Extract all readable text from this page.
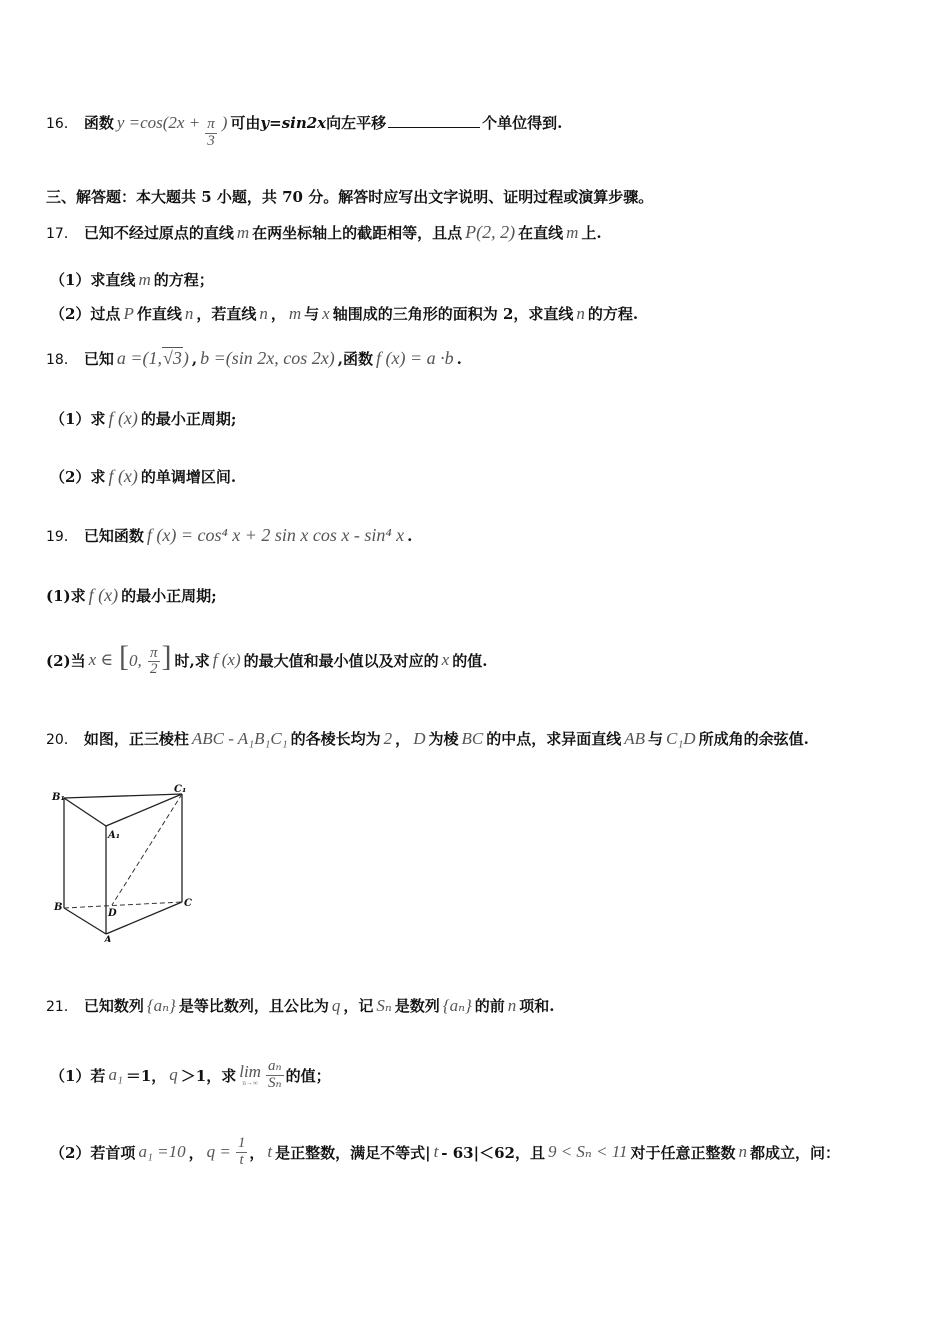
16． 函数 $y =\cos(2x + \frac{\pi}{3}$ ) 可由 y=sin2x 向左平移	个单位得到.
三、解答题：本大题共 5 小题，共 70 分。解答时应写出文字说明、证明过程或演算步骤。
17． 已知不经过原点的直线 m 在两坐标轴上的截距相等，且点 P(2, 2) 在直线 m 上.
（1）求直线 m 的方程；
（2）过点 P 作直线 n ，若直线 n ， m 与 x 轴围成的三角形的面积为 2，求直线 n 的方程.
18． 已知 a =(1,√3) , b =(sin 2x, cos 2x) ,函数 f (x) = a ·b .
（1）求 f (x) 的最小正周期;
（2）求 f (x) 的单调增区间.
19． 已知函数 f (x) = cos⁴ x + 2 sin x cos x - sin⁴ x .
(1)求 f (x) 的最小正周期;
(2)当 x ∈ [0, $\frac{\pi}{2}$ ] 时,求 f (x) 的最大值和最小值以及对应的 x 的值.
20． 如图，正三棱柱 ABC - A₁B₁C₁ 的各棱长均为 2 ， D 为棱 BC 的中点，求异面直线 AB 与 C₁D 所成角的余弦值.
B₁
C₁
A₁
B	C
D
A
21． 已知数列 {aₙ} 是等比数列，且公比为 q ，记 Sₙ 是数列 {aₙ} 的前 n 项和.
（1）若 a₁ ＝1， q ＞1，求 lim
$n\to\infty \frac{\text{aₙ}}{\text{Sₙ}}$ 的值；
（2）若首项 a₁ =10 ， $q = \frac{1}{t}$ ， t 是正整数，满足不等式| t - 63|＜62，且 9 < Sₙ < 11 对于任意正整数 n 都成立，问：
